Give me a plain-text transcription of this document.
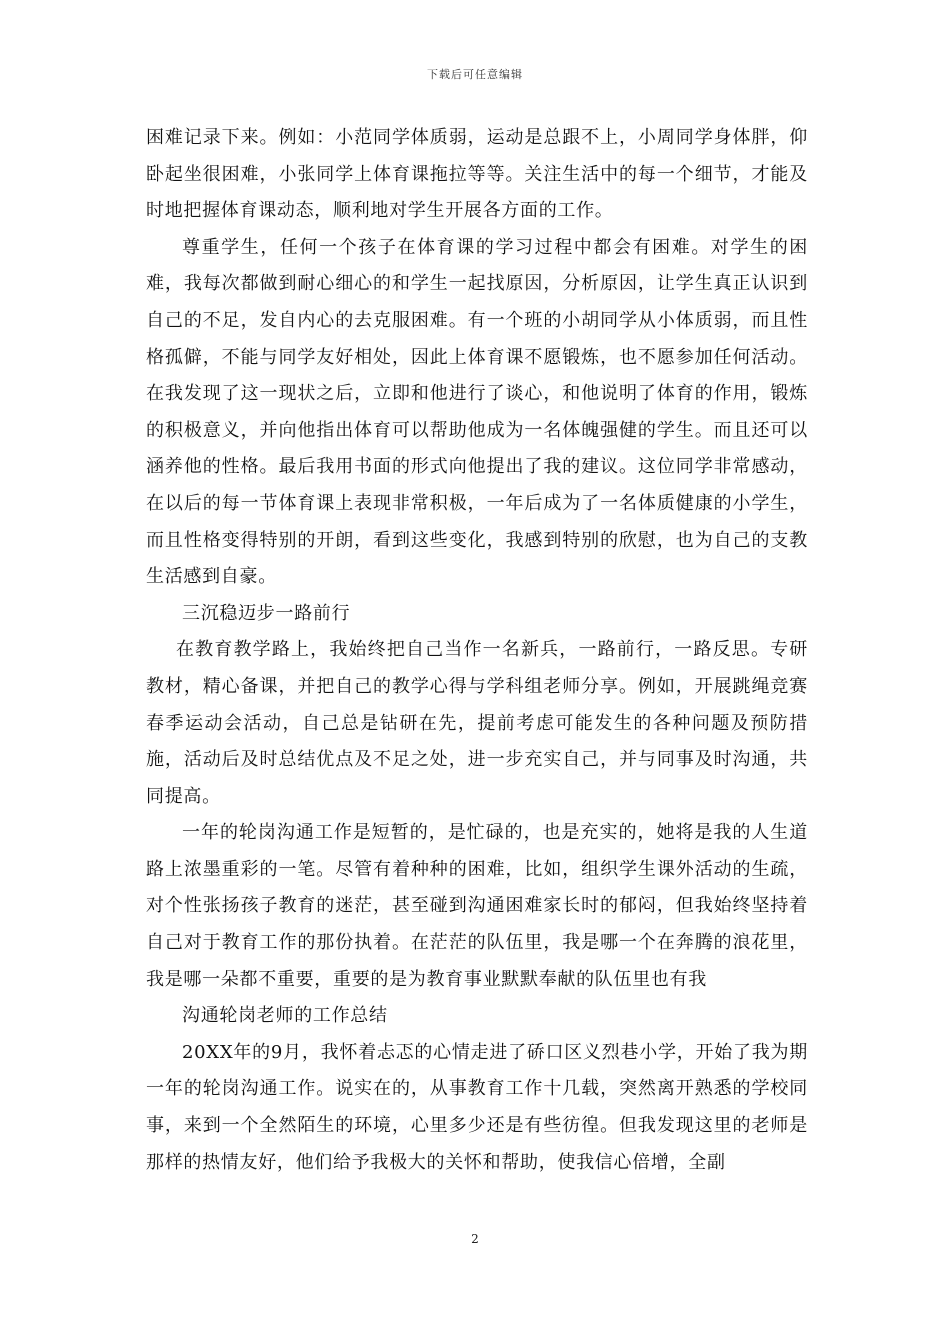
下载后可任意编辑

困难记录下来。例如：小范同学体质弱，运动是总跟不上，小周同学身体胖，仰卧起坐很困难，小张同学上体育课拖拉等等。关注生活中的每一个细节，才能及时地把握体育课动态，顺利地对学生开展各方面的工作。

尊重学生，任何一个孩子在体育课的学习过程中都会有困难。对学生的困难，我每次都做到耐心细心的和学生一起找原因，分析原因，让学生真正认识到自己的不足，发自内心的去克服困难。有一个班的小胡同学从小体质弱，而且性格孤僻，不能与同学友好相处，因此上体育课不愿锻炼，也不愿参加任何活动。在我发现了这一现状之后，立即和他进行了谈心，和他说明了体育的作用，锻炼的积极意义，并向他指出体育可以帮助他成为一名体魄强健的学生。而且还可以涵养他的性格。最后我用书面的形式向他提出了我的建议。这位同学非常感动，在以后的每一节体育课上表现非常积极，一年后成为了一名体质健康的小学生，而且性格变得特别的开朗，看到这些变化，我感到特别的欣慰，也为自己的支教生活感到自豪。

三沉稳迈步一路前行

在教育教学路上，我始终把自己当作一名新兵，一路前行，一路反思。专研教材，精心备课，并把自己的教学心得与学科组老师分享。例如，开展跳绳竞赛春季运动会活动，自己总是钻研在先，提前考虑可能发生的各种问题及预防措施，活动后及时总结优点及不足之处，进一步充实自己，并与同事及时沟通，共同提高。

一年的轮岗沟通工作是短暂的，是忙碌的，也是充实的，她将是我的人生道路上浓墨重彩的一笔。尽管有着种种的困难，比如，组织学生课外活动的生疏，对个性张扬孩子教育的迷茫，甚至碰到沟通困难家长时的郁闷，但我始终坚持着自己对于教育工作的那份执着。在茫茫的队伍里，我是哪一个在奔腾的浪花里，我是哪一朵都不重要，重要的是为教育事业默默奉献的队伍里也有我

沟通轮岗老师的工作总结

20XX年的9月，我怀着忐忑的心情走进了硚口区义烈巷小学，开始了我为期一年的轮岗沟通工作。说实在的，从事教育工作十几载，突然离开熟悉的学校同事，来到一个全然陌生的环境，心里多少还是有些彷徨。但我发现这里的老师是那样的热情友好，他们给予我极大的关怀和帮助，使我信心倍增，全副

2
